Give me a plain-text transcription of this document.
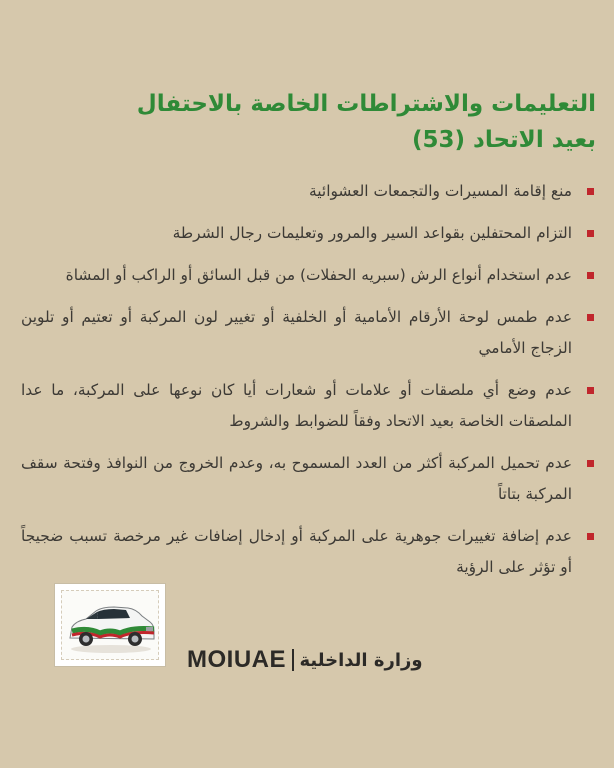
التعليمات والاشتراطات الخاصة بالاحتفال
بعيد الاتحاد (53)
منع إقامة المسيرات والتجمعات العشوائية
التزام المحتفلين بقواعد السير والمرور وتعليمات رجال الشرطة
عدم استخدام أنواع الرش (سبريه الحفلات) من قبل السائق أو الراكب أو المشاة
عدم طمس لوحة الأرقام الأمامية أو الخلفية أو تغيير لون المركبة أو تعتيم أو تلوين الزجاج الأمامي
عدم وضع أي ملصقات أو علامات أو شعارات أيا كان نوعها على المركبة، ما عدا الملصقات الخاصة بعيد الاتحاد وفقاً للضوابط والشروط
عدم تحميل المركبة أكثر من العدد المسموح به، وعدم الخروج من النوافذ وفتحة سقف المركبة بتاتاً
عدم إضافة تغييرات جوهرية على المركبة أو إدخال إضافات غير مرخصة تسبب ضجيجاً أو تؤثر على الرؤية
MOIUAE وزارة الداخلية
